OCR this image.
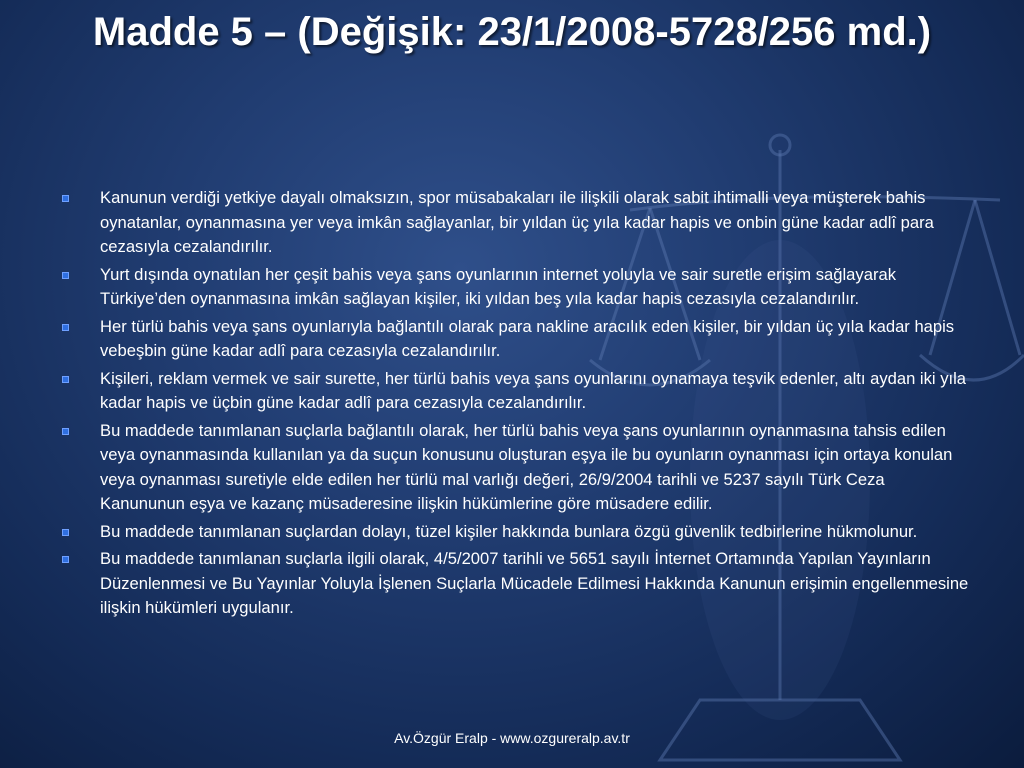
Madde 5 – (Değişik: 23/1/2008-5728/256 md.)
Kanunun verdiği yetkiye dayalı olmaksızın, spor müsabakaları ile ilişkili olarak sabit ihtimalli veya müşterek bahis oynatanlar, oynanmasına yer veya imkân sağlayanlar, bir yıldan üç yıla kadar hapis ve onbin güne kadar adlî para cezasıyla cezalandırılır.
Yurt dışında oynatılan her çeşit bahis veya şans oyunlarının internet yoluyla ve sair suretle erişim sağlayarak Türkiye’den oynanmasına imkân sağlayan kişiler, iki yıldan beş yıla kadar hapis cezasıyla cezalandırılır.
Her türlü bahis veya şans oyunlarıyla bağlantılı olarak para nakline aracılık eden kişiler, bir yıldan üç yıla kadar hapis vebeşbin güne kadar adlî para cezasıyla cezalandırılır.
Kişileri, reklam vermek ve sair surette, her türlü bahis veya şans oyunlarını oynamaya teşvik edenler, altı aydan iki yıla kadar hapis ve üçbin güne kadar adlî para cezasıyla cezalandırılır.
Bu maddede tanımlanan suçlarla bağlantılı olarak, her türlü bahis veya şans oyunlarının oynanmasına tahsis edilen veya oynanmasında kullanılan ya da suçun konusunu oluşturan eşya ile bu oyunların oynanması için ortaya konulan veya oynanması suretiyle elde edilen her türlü mal varlığı değeri, 26/9/2004 tarihli ve 5237 sayılı Türk Ceza Kanununun eşya ve kazanç müsaderesine ilişkin hükümlerine göre müsadere edilir.
Bu maddede tanımlanan suçlardan dolayı, tüzel kişiler hakkında bunlara özgü güvenlik tedbirlerine hükmolunur.
Bu maddede tanımlanan suçlarla ilgili olarak, 4/5/2007 tarihli ve 5651 sayılı İnternet Ortamında Yapılan Yayınların Düzenlenmesi ve Bu Yayınlar Yoluyla İşlenen Suçlarla Mücadele Edilmesi Hakkında Kanunun erişimin engellenmesine ilişkin hükümleri uygulanır.
Av.Özgür Eralp - www.ozgureralp.av.tr
